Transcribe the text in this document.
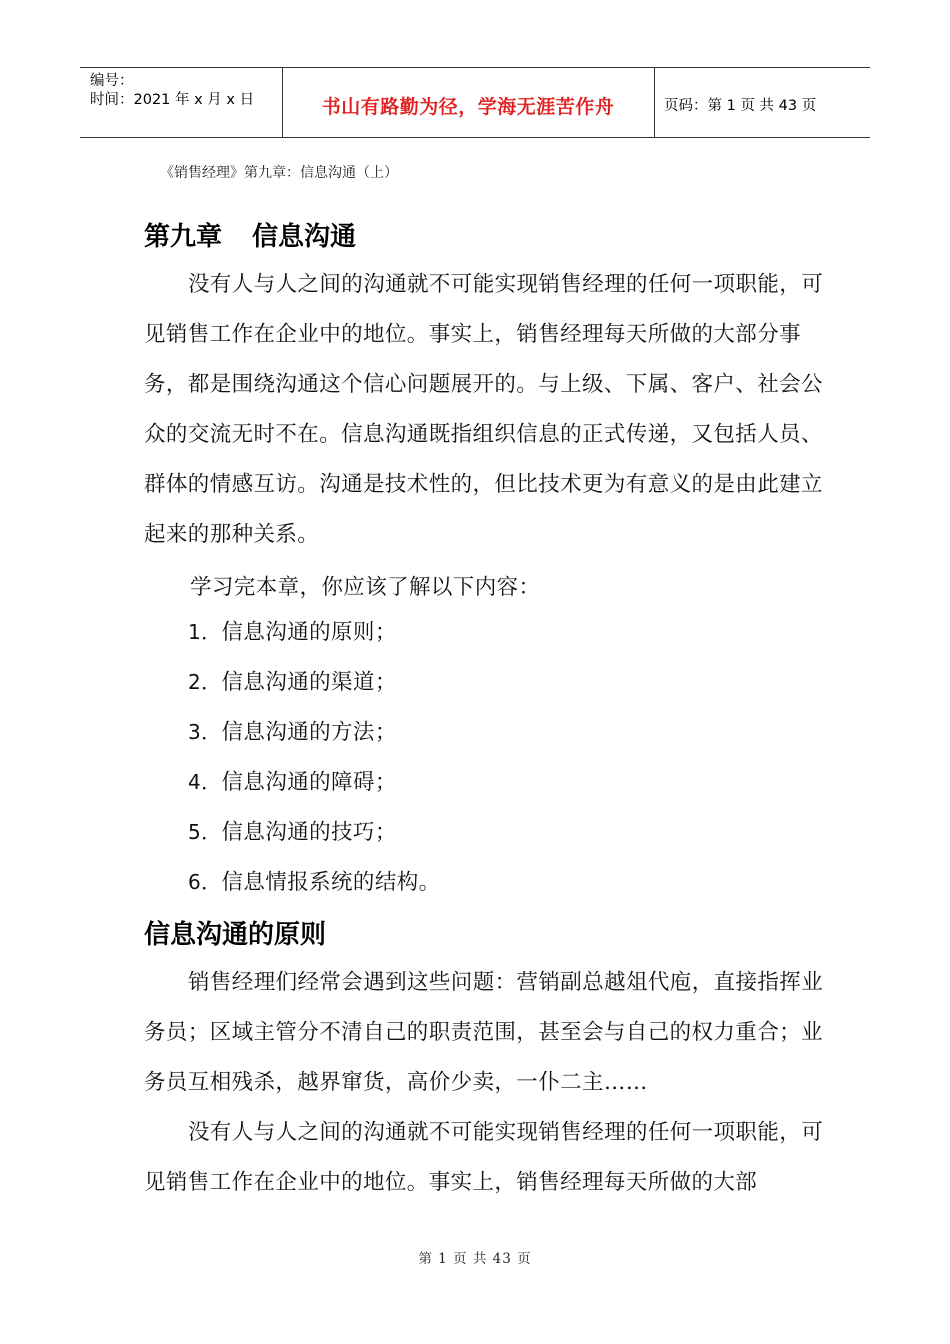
编号：
时间：2021 年 x 月 x 日	书山有路勤为径，学海无涯苦作舟	页码：第 1 页 共 43 页
《销售经理》第九章：信息沟通（上）
第九章 信息沟通

没有人与人之间的沟通就不可能实现销售经理的任何一项职能，可见销售工作在企业中的地位。事实上，销售经理每天所做的大部分事务，都是围绕沟通这个信心问题展开的。与上级、下属、客户、社会公众的交流无时不在。信息沟通既指组织信息的正式传递，又包括人员、群体的情感互访。沟通是技术性的，但比技术更为有意义的是由此建立起来的那种关系。

学习完本章，你应该了解以下内容：
1．信息沟通的原则；
2．信息沟通的渠道；
3．信息沟通的方法；
4．信息沟通的障碍；
5．信息沟通的技巧；
6．信息情报系统的结构。
信息沟通的原则

销售经理们经常会遇到这些问题：营销副总越俎代庖，直接指挥业务员；区域主管分不清自己的职责范围，甚至会与自己的权力重合；业务员互相残杀，越界窜货，高价少卖，一仆二主……

没有人与人之间的沟通就不可能实现销售经理的任何一项职能，可见销售工作在企业中的地位。事实上，销售经理每天所做的大部

第 1 页 共 43 页
